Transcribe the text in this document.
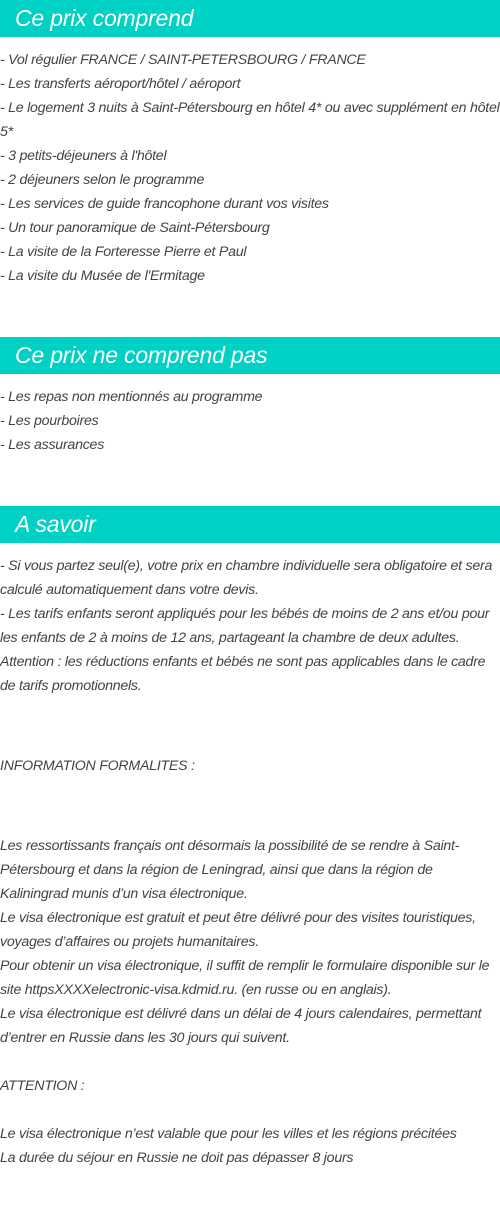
Ce prix comprend
- Vol régulier FRANCE / SAINT-PETERSBOURG / FRANCE
- Les transferts aéroport/hôtel / aéroport
- Le logement 3 nuits à Saint-Pétersbourg en hôtel 4* ou avec supplément en hôtel 5*
- 3 petits-déjeuners à l'hôtel
- 2 déjeuners selon le programme
- Les services de guide francophone durant vos visites
- Un tour panoramique de Saint-Pétersbourg
- La visite de la Forteresse Pierre et Paul
- La visite du Musée de l'Ermitage
Ce prix ne comprend pas
- Les repas non mentionnés au programme
- Les pourboires
- Les assurances
A savoir
- Si vous partez seul(e), votre prix en chambre individuelle sera obligatoire et sera calculé automatiquement dans votre devis.
- Les tarifs enfants seront appliqués pour les bébés de moins de 2 ans et/ou pour les enfants de 2 à moins de 12 ans, partageant la chambre de deux adultes.
Attention : les réductions enfants et bébés ne sont pas applicables dans le cadre de tarifs promotionnels.

INFORMATION FORMALITES :

Les ressortissants français ont désormais la possibilité de se rendre à Saint-Pétersbourg et dans la région de Leningrad, ainsi que dans la région de Kaliningrad munis d’un visa électronique.
Le visa électronique est gratuit et peut être délivré pour des visites touristiques, voyages d’affaires ou projets humanitaires.
Pour obtenir un visa électronique, il suffit de remplir le formulaire disponible sur le site httpsXXXXelectronic-visa.kdmid.ru. (en russe ou en anglais).
Le visa électronique est délivré dans un délai de 4 jours calendaires, permettant d’entrer en Russie dans les 30 jours qui suivent.

ATTENTION :

Le visa électronique n’est valable que pour les villes et les régions précitées
La durée du séjour en Russie ne doit pas dépasser 8 jours
